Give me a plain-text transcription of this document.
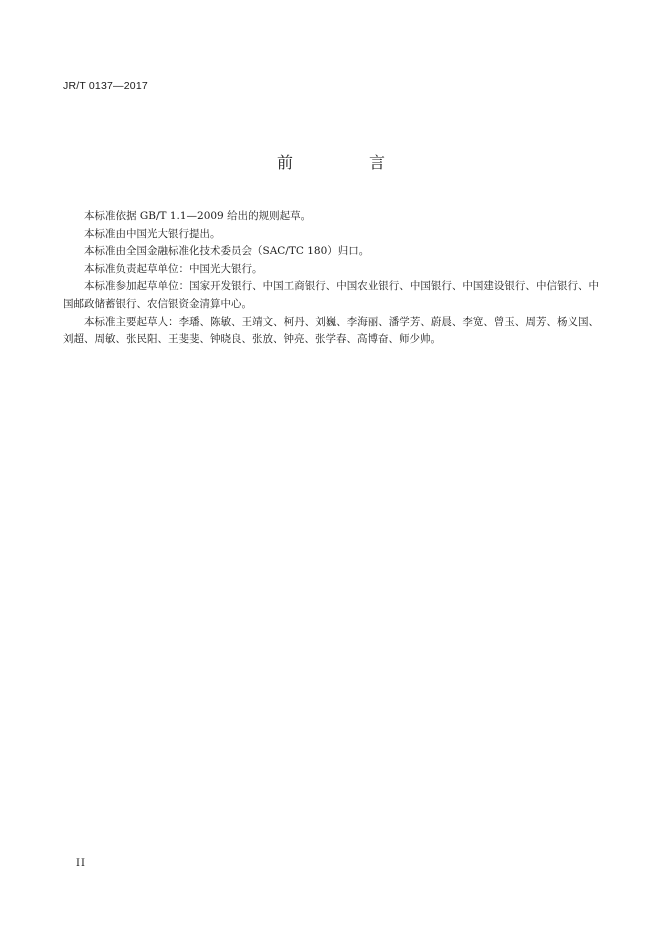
JR/T 0137—2017
前　言

本标准依据 GB/T 1.1—2009 给出的规则起草。

本标准由中国光大银行提出。

本标准由全国金融标准化技术委员会（SAC/TC 180）归口。

本标准负责起草单位：中国光大银行。

本标准参加起草单位：国家开发银行、中国工商银行、中国农业银行、中国银行、中国建设银行、中信银行、中国邮政储蓄银行、农信银资金清算中心。

本标准主要起草人：李璠、陈敏、王靖文、柯丹、刘巍、李海丽、潘学芳、蔚晨、李宽、曾玉、周芳、杨义国、刘超、周敏、张民阳、王斐斐、钟晓良、张放、钟亮、张学春、高博奋、师少帅。

II
